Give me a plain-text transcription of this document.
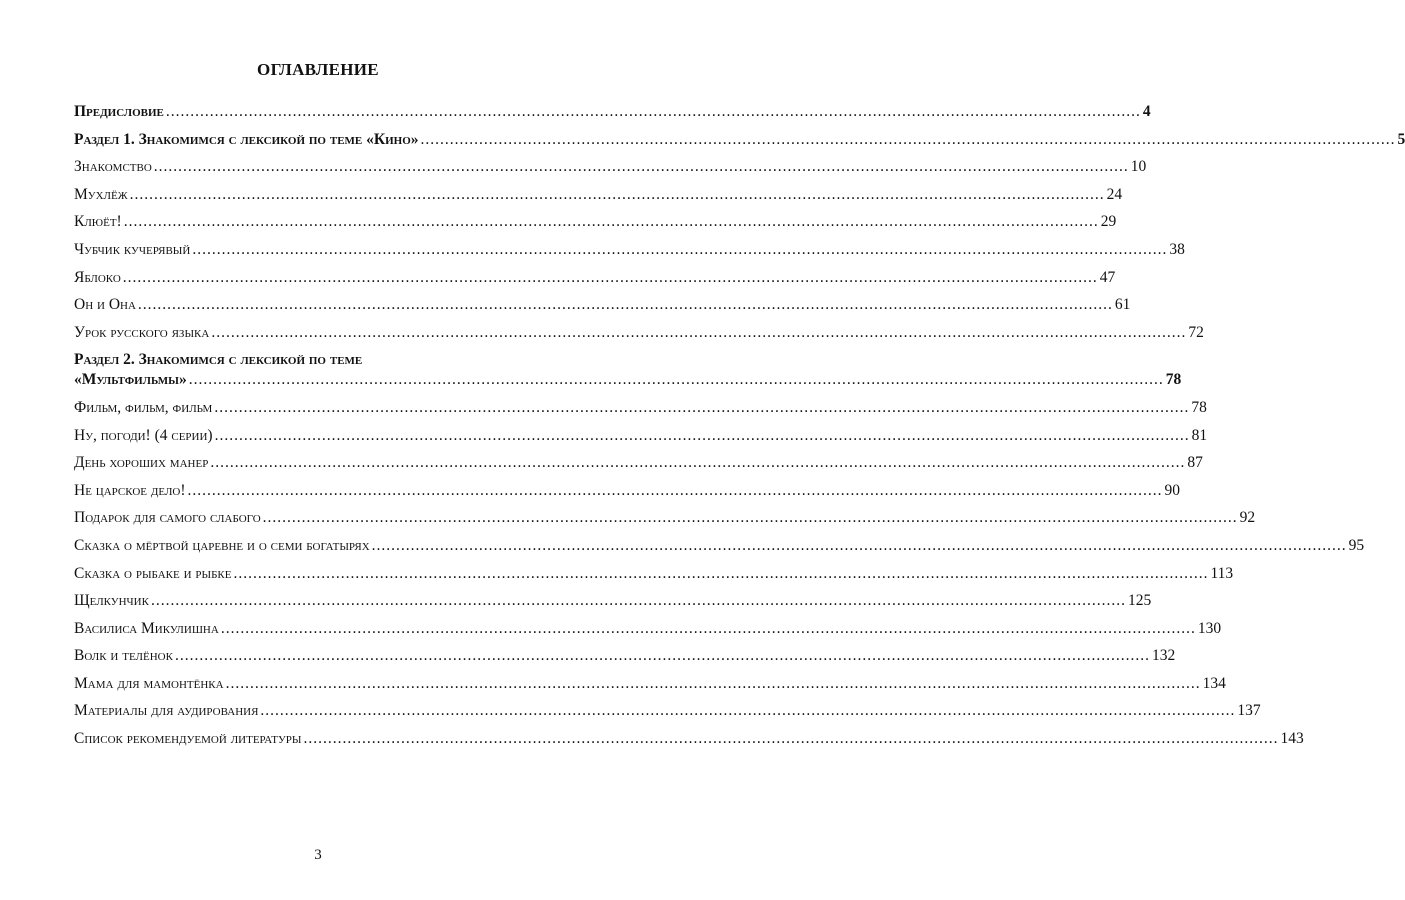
ОГЛАВЛЕНИЕ
Предисловие ........................................................................................................................................................................................................ 4
Раздел 1. Знакомимся с лексикой по теме «Кино» ........................................................................................................................................................................................................ 5
Знакомство ........................................................................................................................................................................................................ 10
Мухлёж ........................................................................................................................................................................................................ 24
Клюёт! ........................................................................................................................................................................................................ 29
Чубчик кучерявый ........................................................................................................................................................................................................ 38
Яблоко ........................................................................................................................................................................................................ 47
Он и Она ........................................................................................................................................................................................................ 61
Урок русского языка ........................................................................................................................................................................................................ 72
Раздел 2. Знакомимся с лексикой по теме
«Мультфильмы» ........................................................................................................................................................................................................ 78
Фильм, фильм, фильм ........................................................................................................................................................................................................ 78
Ну, погоди! (4 серии) ........................................................................................................................................................................................................ 81
День хороших манер ........................................................................................................................................................................................................ 87
Не царское дело! ........................................................................................................................................................................................................ 90
Подарок для самого слабого ........................................................................................................................................................................................................ 92
Сказка о мёртвой царевне и о семи богатырях ........................................................................................................................................................................................................ 95
Сказка о рыбаке и рыбке ........................................................................................................................................................................................................ 113
Щелкунчик ........................................................................................................................................................................................................ 125
Василиса Микулишна ........................................................................................................................................................................................................ 130
Волк и телёнок ........................................................................................................................................................................................................ 132
Мама для мамонтёнка ........................................................................................................................................................................................................ 134
Материалы для аудирования ........................................................................................................................................................................................................ 137
Список рекомендуемой литературы ........................................................................................................................................................................................................ 143
3
